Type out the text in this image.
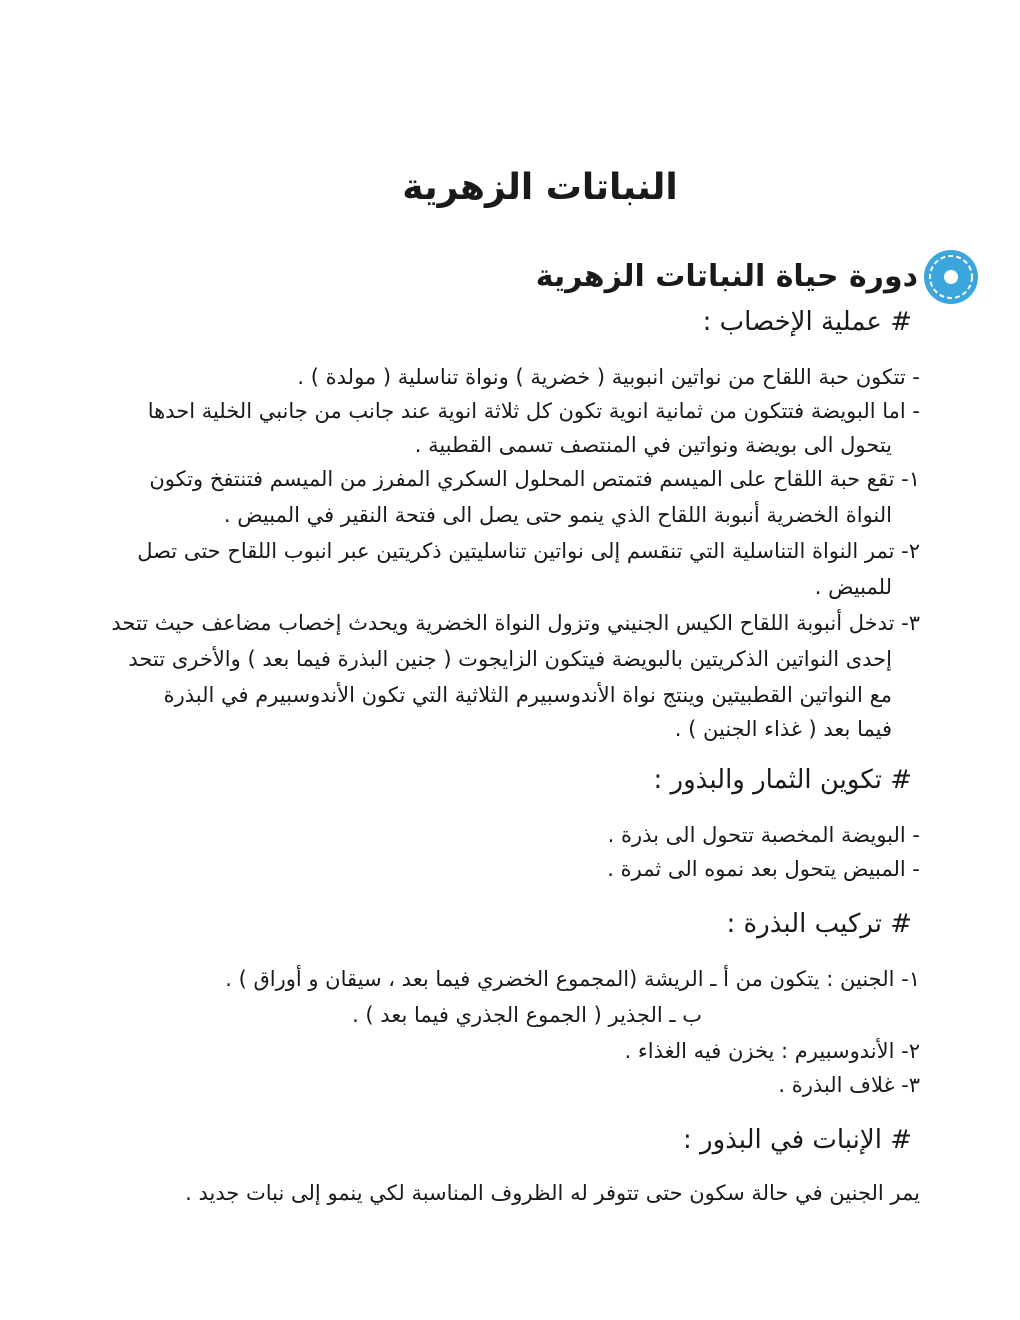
النباتات الزهرية
دورة حياة النباتات الزهرية
# عملية الإخصاب :
- تتكون حبة اللقاح من نواتين انبوبية ( خضرية ) ونواة تناسلية ( مولدة ) .
- اما البويضة فتتكون من ثمانية انوية تكون كل ثلاثة انوية عند جانب من جانبي الخلية احدها
يتحول الى بويضة ونواتين في المنتصف تسمى القطبية .
١- تقع حبة اللقاح على الميسم فتمتص المحلول السكري المفرز من الميسم فتنتفخ وتكون
النواة الخضرية أنبوبة اللقاح الذي ينمو حتى يصل الى فتحة النقير في المبيض .
٢- تمر النواة التناسلية التي تنقسم إلى نواتين تناسليتين ذكريتين عبر انبوب اللقاح حتى تصل
للمبيض .
٣- تدخل أنبوبة اللقاح الكيس الجنيني وتزول النواة الخضرية ويحدث إخصاب مضاعف حيث تتحد
إحدى النواتين الذكريتين بالبويضة فيتكون الزايجوت ( جنين البذرة فيما بعد ) والأخرى تتحد
مع النواتين القطبيتين وينتج نواة الأندوسبيرم الثلاثية التي تكون الأندوسبيرم في البذرة
فيما بعد ( غذاء الجنين ) .
# تكوين الثمار والبذور :
- البويضة المخصبة تتحول الى بذرة .
- المبيض يتحول بعد نموه الى ثمرة .
# تركيب البذرة :
١- الجنين : يتكون من أ ـ الريشة (المجموع الخضري فيما بعد ، سيقان و أوراق ) .
ب ـ الجذير ( الجموع الجذري فيما بعد ) .
٢- الأندوسبيرم : يخزن فيه الغذاء .
٣- غلاف البذرة .
# الإنبات في البذور :
يمر الجنين في حالة سكون حتى تتوفر له الظروف المناسبة لكي ينمو إلى نبات جديد .
